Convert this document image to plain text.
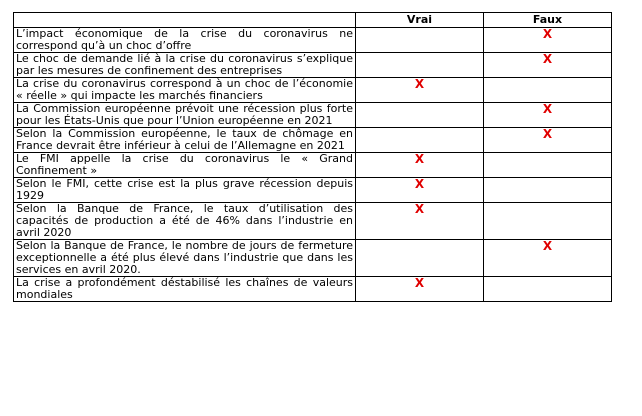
	Vrai	Faux
L’impact économique de la crise du coronavirus ne correspond qu’à un choc d’offre		X
Le choc de demande lié à la crise du coronavirus s’explique par les mesures de confinement des entreprises		X
La crise du coronavirus correspond à un choc de l’économie « réelle » qui impacte les marchés financiers	X	
La Commission européenne prévoit une récession plus forte pour les États-Unis que pour l’Union européenne en 2021		X
Selon la Commission européenne, le taux de chômage en France devrait être inférieur à celui de l’Allemagne en 2021		X
Le FMI appelle la crise du coronavirus le « Grand Confinement »	X	
Selon le FMI, cette crise est la plus grave récession depuis 1929	X	
Selon la Banque de France, le taux d’utilisation des capacités de production a été de 46% dans l’industrie en avril 2020	X	
Selon la Banque de France, le nombre de jours de fermeture exceptionnelle a été plus élevé dans l’industrie que dans les services en avril 2020.		X
La crise a profondément déstabilisé les chaînes de valeurs mondiales	X	
